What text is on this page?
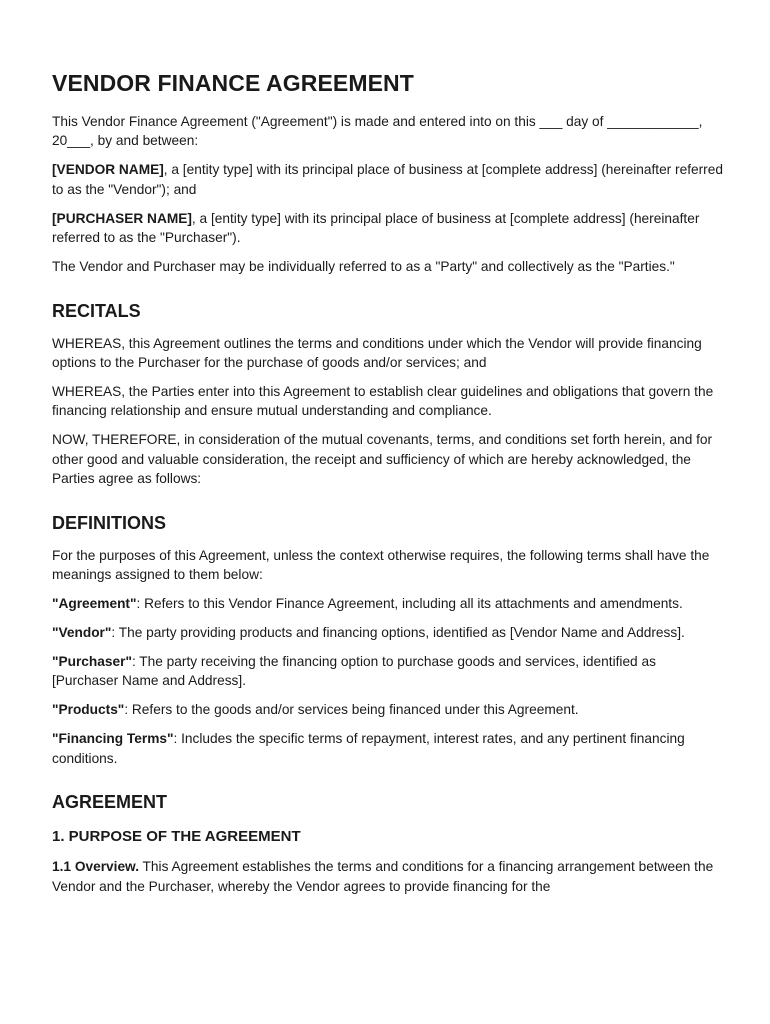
VENDOR FINANCE AGREEMENT

This Vendor Finance Agreement ("Agreement") is made and entered into on this ___ day of ____________, 20___, by and between:

[VENDOR NAME], a [entity type] with its principal place of business at [complete address] (hereinafter referred to as the "Vendor"); and

[PURCHASER NAME], a [entity type] with its principal place of business at [complete address] (hereinafter referred to as the "Purchaser").

The Vendor and Purchaser may be individually referred to as a "Party" and collectively as the "Parties."

RECITALS

WHEREAS, this Agreement outlines the terms and conditions under which the Vendor will provide financing options to the Purchaser for the purchase of goods and/or services; and

WHEREAS, the Parties enter into this Agreement to establish clear guidelines and obligations that govern the financing relationship and ensure mutual understanding and compliance.

NOW, THEREFORE, in consideration of the mutual covenants, terms, and conditions set forth herein, and for other good and valuable consideration, the receipt and sufficiency of which are hereby acknowledged, the Parties agree as follows:

DEFINITIONS

For the purposes of this Agreement, unless the context otherwise requires, the following terms shall have the meanings assigned to them below:

"Agreement": Refers to this Vendor Finance Agreement, including all its attachments and amendments.

"Vendor": The party providing products and financing options, identified as [Vendor Name and Address].

"Purchaser": The party receiving the financing option to purchase goods and services, identified as [Purchaser Name and Address].

"Products": Refers to the goods and/or services being financed under this Agreement.

"Financing Terms": Includes the specific terms of repayment, interest rates, and any pertinent financing conditions.

AGREEMENT
1. PURPOSE OF THE AGREEMENT

1.1 Overview. This Agreement establishes the terms and conditions for a financing arrangement between the Vendor and the Purchaser, whereby the Vendor agrees to provide financing for the
